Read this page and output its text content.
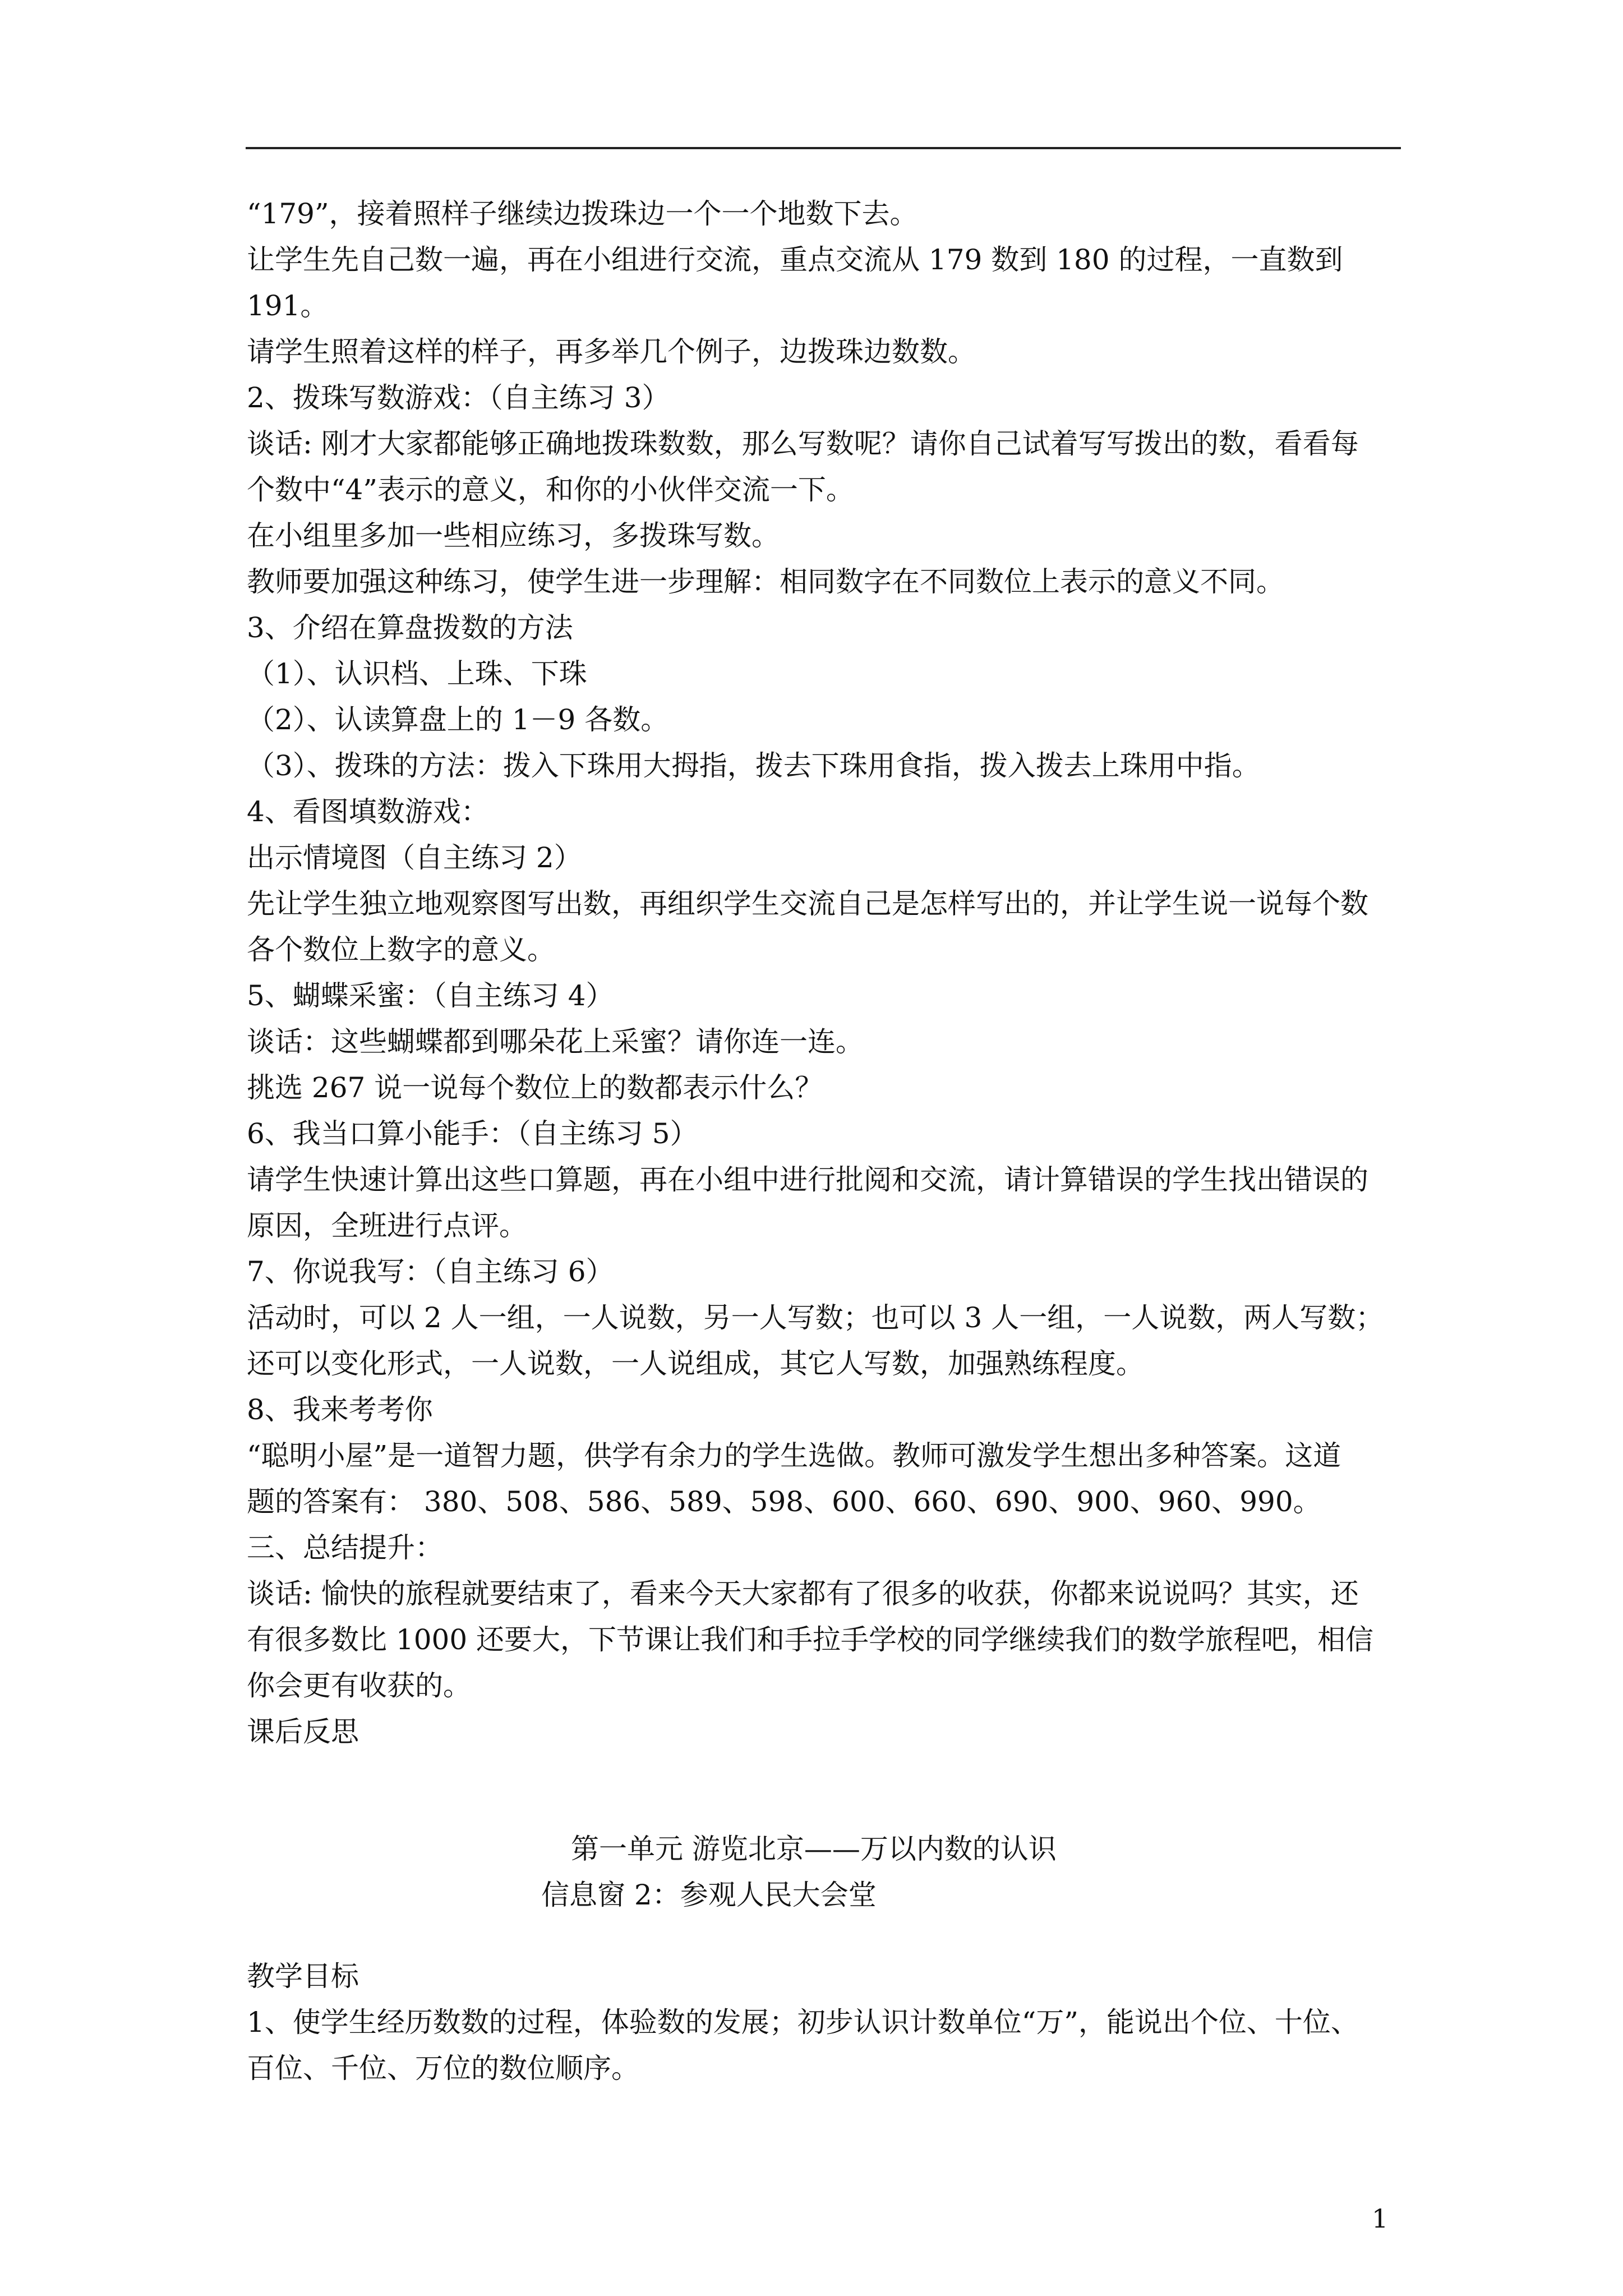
“179”，接着照样子继续边拨珠边一个一个地数下去。
让学生先自己数一遍，再在小组进行交流，重点交流从 179 数到 180 的过程，一直数到
191。
请学生照着这样的样子，再多举几个例子，边拨珠边数数。
2、拨珠写数游戏：（自主练习 3）
谈话: 刚才大家都能够正确地拨珠数数，那么写数呢？请你自己试着写写拨出的数，看看每
个数中“4”表示的意义，和你的小伙伴交流一下。
在小组里多加一些相应练习，多拨珠写数。
教师要加强这种练习，使学生进一步理解：相同数字在不同数位上表示的意义不同。
3、介绍在算盘拨数的方法
（1）、认识档、上珠、下珠
（2）、认读算盘上的 1－9 各数。
（3）、拨珠的方法：拨入下珠用大拇指，拨去下珠用食指，拨入拨去上珠用中指。
4、看图填数游戏：
出示情境图（自主练习 2）
先让学生独立地观察图写出数，再组织学生交流自己是怎样写出的，并让学生说一说每个数
各个数位上数字的意义。
5、蝴蝶采蜜：（自主练习 4）
谈话：这些蝴蝶都到哪朵花上采蜜？请你连一连。
挑选 267 说一说每个数位上的数都表示什么？
6、我当口算小能手：（自主练习 5）
请学生快速计算出这些口算题，再在小组中进行批阅和交流，请计算错误的学生找出错误的
原因，全班进行点评。
7、你说我写：（自主练习 6）
活动时，可以 2 人一组，一人说数，另一人写数；也可以 3 人一组，一人说数，两人写数；
还可以变化形式，一人说数，一人说组成，其它人写数，加强熟练程度。
8、我来考考你
“聪明小屋”是一道智力题，供学有余力的学生选做。教师可激发学生想出多种答案。这道
题的答案有： 380、508、586、589、598、600、660、690、900、960、990。
三、总结提升：
谈话: 愉快的旅程就要结束了，看来今天大家都有了很多的收获，你都来说说吗？其实，还
有很多数比 1000 还要大，下节课让我们和手拉手学校的同学继续我们的数学旅程吧，相信
你会更有收获的。
课后反思
第一单元 游览北京——万以内数的认识
信息窗 2：参观人民大会堂
教学目标
1、使学生经历数数的过程，体验数的发展；初步认识计数单位“万”，能说出个位、十位、
百位、千位、万位的数位顺序。
1
